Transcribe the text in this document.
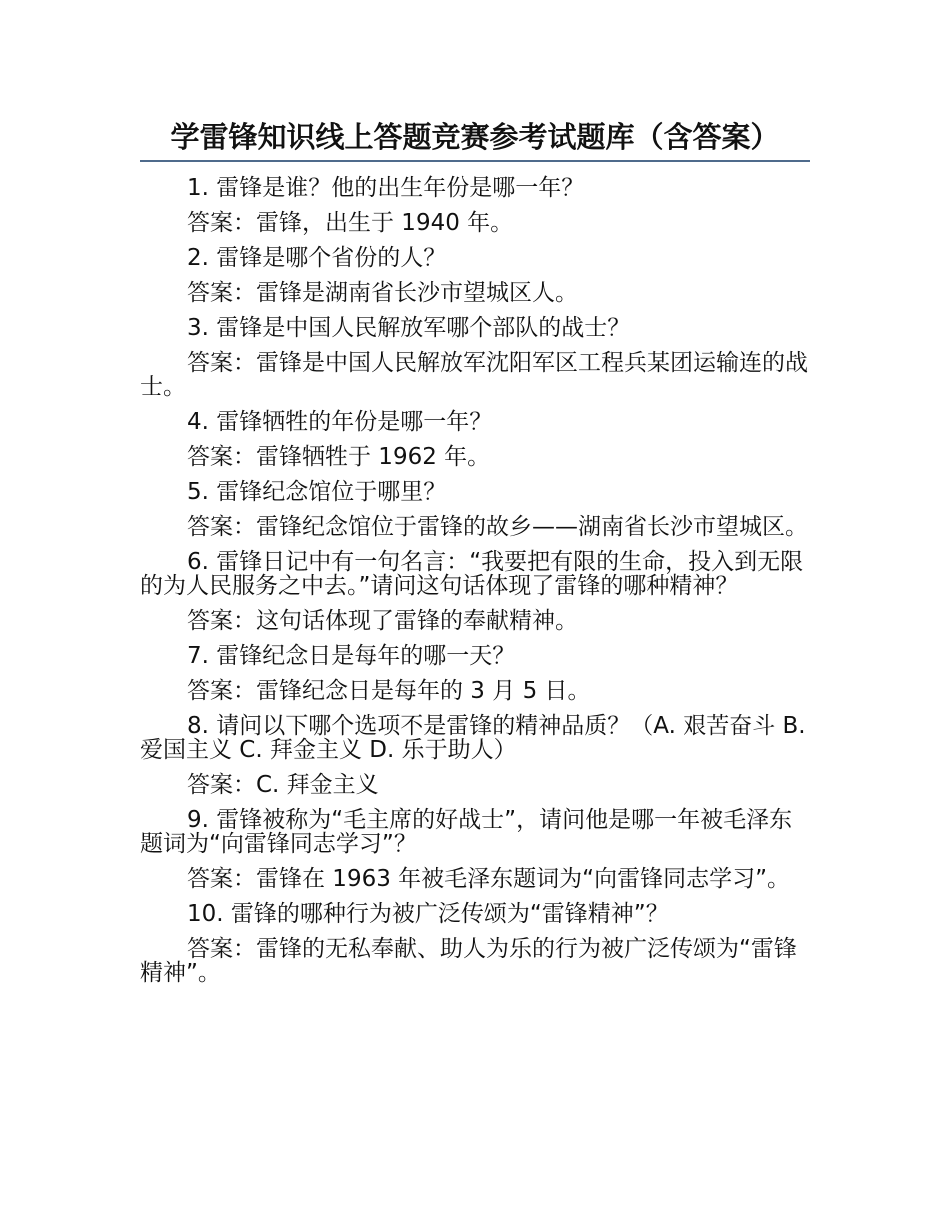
学雷锋知识线上答题竞赛参考试题库（含答案）

1. 雷锋是谁？他的出生年份是哪一年？

答案：雷锋，出生于 1940 年。

2. 雷锋是哪个省份的人？

答案：雷锋是湖南省长沙市望城区人。

3. 雷锋是中国人民解放军哪个部队的战士？

答案：雷锋是中国人民解放军沈阳军区工程兵某团运输连的战士。

4. 雷锋牺牲的年份是哪一年？

答案：雷锋牺牲于 1962 年。

5. 雷锋纪念馆位于哪里？

答案：雷锋纪念馆位于雷锋的故乡——湖南省长沙市望城区。

6. 雷锋日记中有一句名言：“我要把有限的生命，投入到无限的为人民服务之中去。”请问这句话体现了雷锋的哪种精神？

答案：这句话体现了雷锋的奉献精神。

7. 雷锋纪念日是每年的哪一天？

答案：雷锋纪念日是每年的 3 月 5 日。

8. 请问以下哪个选项不是雷锋的精神品质？（A. 艰苦奋斗 B. 爱国主义 C. 拜金主义 D. 乐于助人）

答案：C. 拜金主义

9. 雷锋被称为“毛主席的好战士”，请问他是哪一年被毛泽东题词为“向雷锋同志学习”？

答案：雷锋在 1963 年被毛泽东题词为“向雷锋同志学习”。

10. 雷锋的哪种行为被广泛传颂为“雷锋精神”？

答案：雷锋的无私奉献、助人为乐的行为被广泛传颂为“雷锋精神”。
